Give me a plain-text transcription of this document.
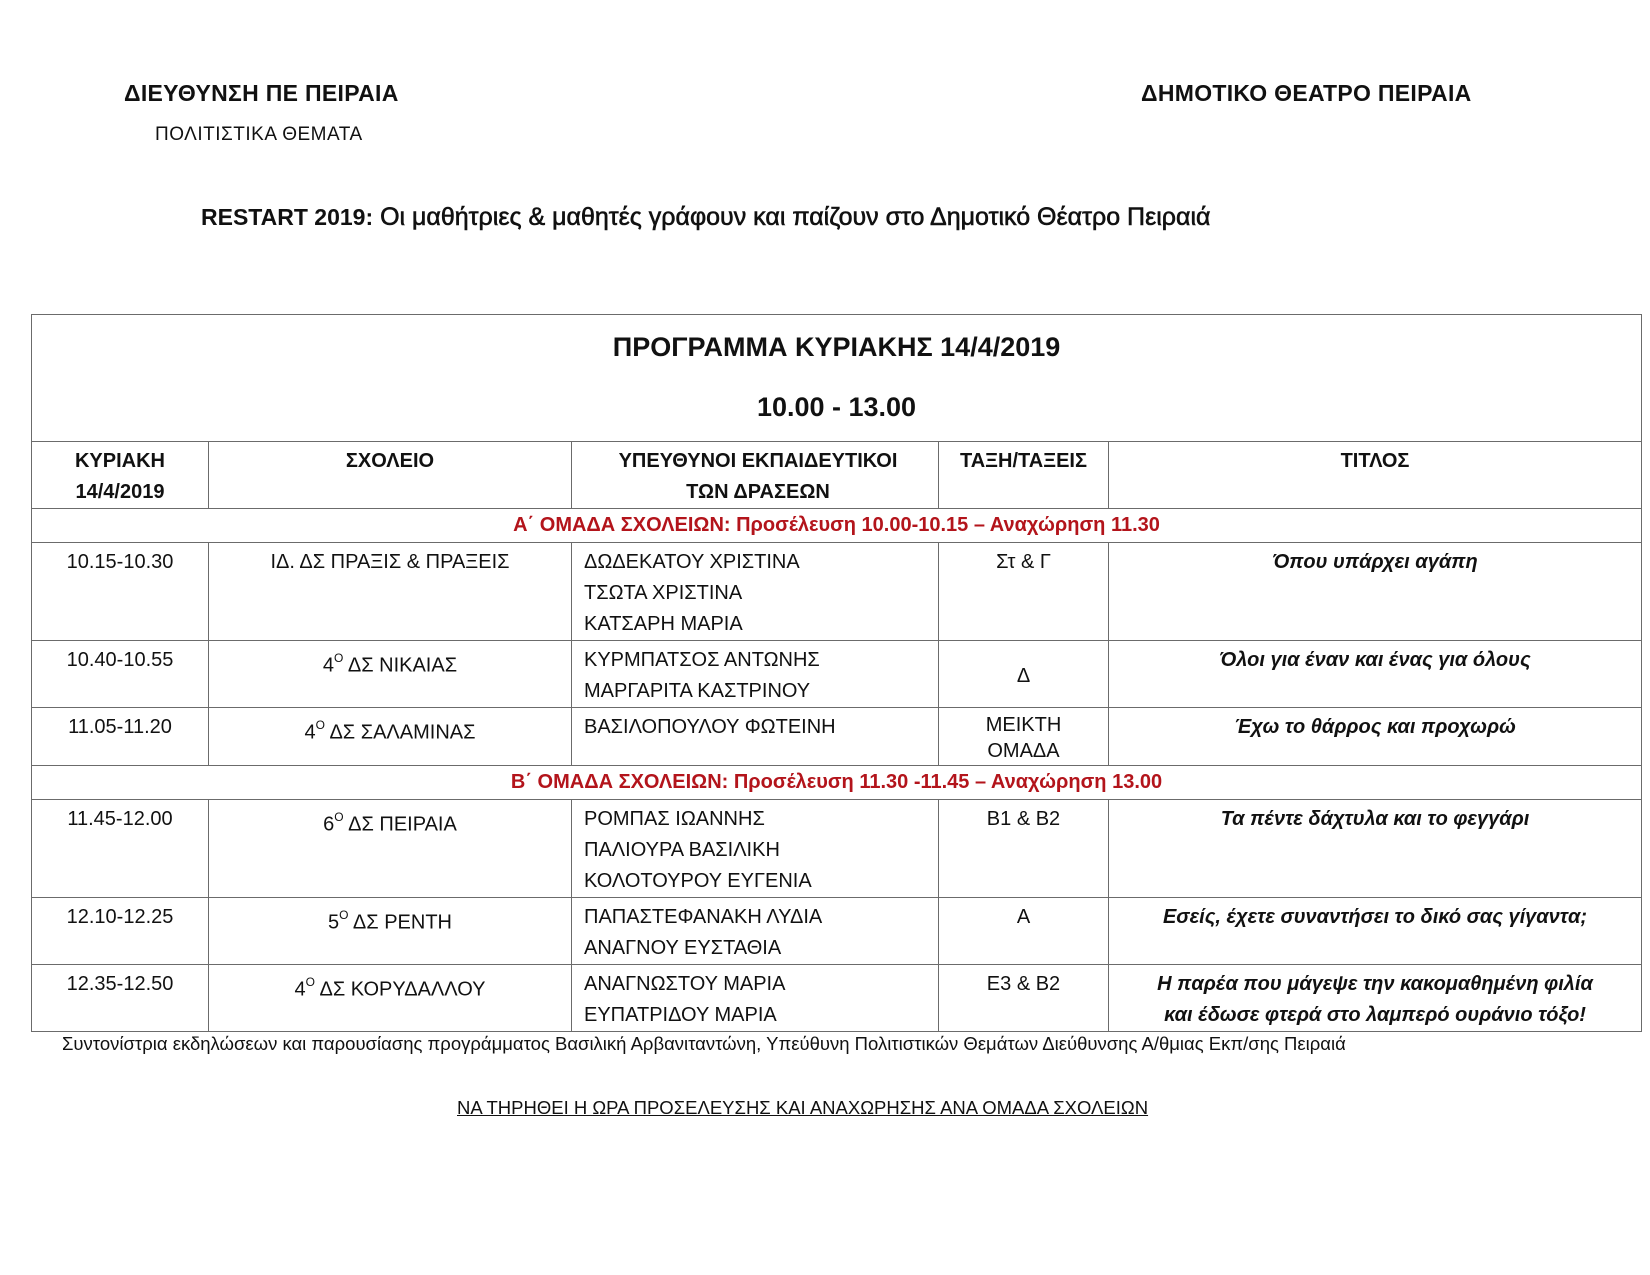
ΔΙΕΥΘΥΝΣΗ ΠΕ ΠΕΙΡΑΙΑ
ΠΟΛΙΤΙΣΤΙΚΑ ΘΕΜΑΤΑ
ΔΗΜΟΤΙΚΟ ΘΕΑΤΡΟ ΠΕΙΡΑΙΑ
RESTART 2019: Οι μαθήτριες & μαθητές γράφουν και παίζουν στο Δημοτικό Θέατρο Πειραιά
ΠΡΟΓΡΑΜΜΑ ΚΥΡΙΑΚΗΣ 14/4/2019
10.00 - 13.00				

ΚΥΡΙΑΚΗ
14/4/2019	ΣΧΟΛΕΙΟ	ΥΠΕΥΘΥΝΟΙ ΕΚΠΑΙΔΕΥΤΙΚΟΙ
ΤΩΝ ΔΡΑΣΕΩΝ	ΤΑΞΗ/ΤΑΞΕΙΣ	ΤΙΤΛΟΣ
Α΄ ΟΜΑΔΑ ΣΧΟΛΕΙΩΝ: Προσέλευση 10.00-10.15 – Αναχώρηση 11.30				
10.15-10.30	ΙΔ. ΔΣ ΠΡΑΞΙΣ & ΠΡΑΞΕΙΣ	ΔΩΔΕΚΑΤΟΥ ΧΡΙΣΤΙΝΑ
ΤΣΩΤΑ ΧΡΙΣΤΙΝΑ
ΚΑΤΣΑΡΗ ΜΑΡΙΑ	Στ & Γ	Όπου υπάρχει αγάπη

10.40-10.55	$4^O$ ΔΣ ΝΙΚΑΙΑΣ	ΚΥΡΜΠΑΤΣΟΣ ΑΝΤΩΝΗΣ
ΜΑΡΓΑΡΙΤΑ ΚΑΣΤΡΙΝΟΥ	Δ	Όλοι για έναν και ένας για όλους

11.05-11.20	$4^O$ ΔΣ ΣΑΛΑΜΙΝΑΣ	ΒΑΣΙΛΟΠΟΥΛΟΥ ΦΩΤΕΙΝΗ	ΜΕΙΚΤΗ
ΟΜΑΔΑ	Έχω το θάρρος και προχωρώ

Β΄ ΟΜΑΔΑ ΣΧΟΛΕΙΩΝ: Προσέλευση 11.30 -11.45 – Αναχώρηση 13.00				
11.45-12.00	$6^O$ ΔΣ ΠΕΙΡΑΙΑ	ΡΟΜΠΑΣ ΙΩΑΝΝΗΣ
ΠΑΛΙΟΥΡΑ ΒΑΣΙΛΙΚΗ
ΚΟΛΟΤΟΥΡΟΥ ΕΥΓΕΝΙΑ	Β1 & Β2	Τα πέντε δάχτυλα και το φεγγάρι

12.10-12.25	$5^O$ ΔΣ ΡΕΝΤΗ	ΠΑΠΑΣΤΕΦΑΝΑΚΗ ΛΥΔΙΑ
ΑΝΑΓΝΟΥ ΕΥΣΤΑΘΙΑ	Α	Εσείς, έχετε συναντήσει το δικό σας γίγαντα;

12.35-12.50	$4^O$ ΔΣ ΚΟΡΥΔΑΛΛΟΥ	ΑΝΑΓΝΩΣΤΟΥ ΜΑΡΙΑ
ΕΥΠΑΤΡΙΔΟΥ ΜΑΡΙΑ	Ε3 & Β2	Η παρέα που μάγεψε την κακομαθημένη φιλία
και έδωσε φτερά στο λαμπερό ουράνιο τόξο!
Συντονίστρια εκδηλώσεων και παρουσίασης προγράμματος Βασιλική Αρβανιταντώνη, Υπεύθυνη Πολιτιστικών Θεμάτων Διεύθυνσης Α/θμιας Εκπ/σης Πειραιά
ΝΑ ΤΗΡΗΘΕΙ Η ΩΡΑ ΠΡΟΣΕΛΕΥΣΗΣ ΚΑΙ ΑΝΑΧΩΡΗΣΗΣ ΑΝΑ ΟΜΑΔΑ ΣΧΟΛΕΙΩΝ
